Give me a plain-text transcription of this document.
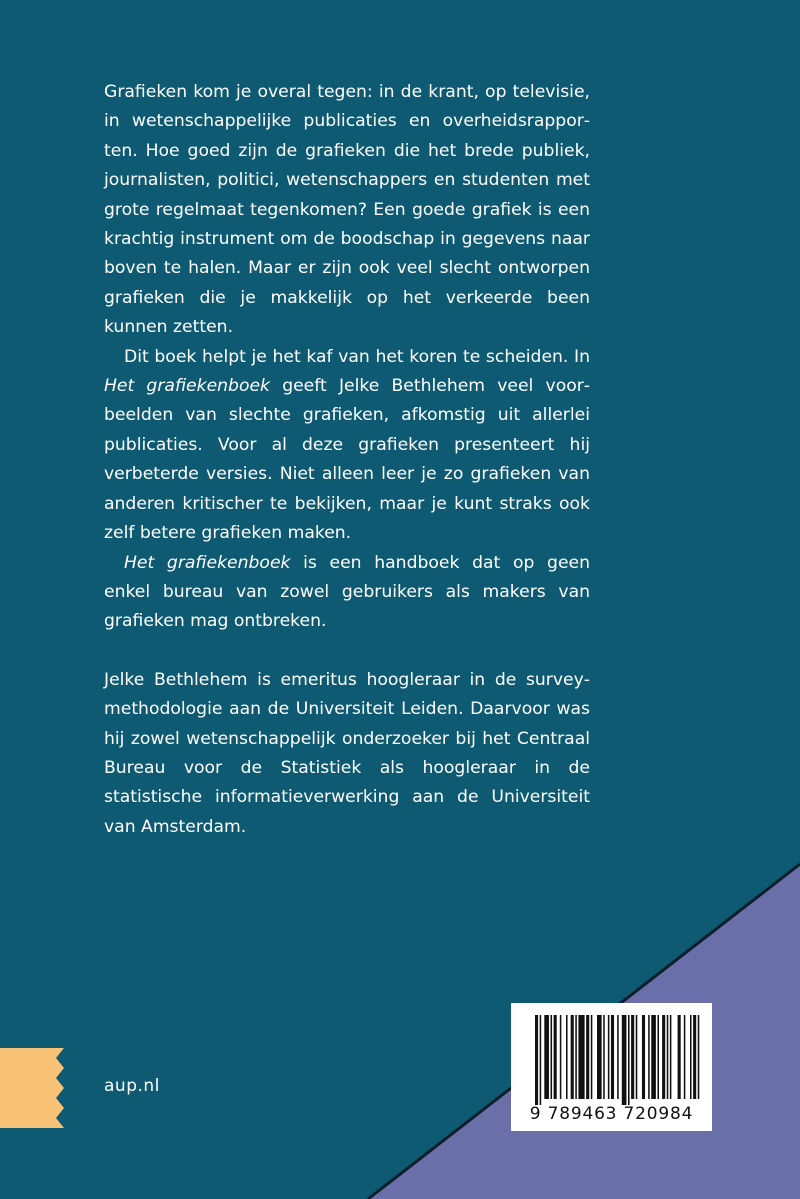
Grafieken kom je overal tegen: in de krant, op televisie, in wetenschappelijke publicaties en overheidsrapporten. Hoe goed zijn de grafieken die het brede publiek, journalisten, politici, wetenschappers en studenten met grote regelmaat tegenkomen? Een goede grafiek is een krachtig instrument om de boodschap in gegevens naar boven te halen. Maar er zijn ook veel slecht ontworpen grafieken die je makkelijk op het verkeerde been kunnen zetten.

Dit boek helpt je het kaf van het koren te scheiden. In Het grafiekenboek geeft Jelke Bethlehem veel voorbeelden van slechte grafieken, afkomstig uit allerlei publicaties. Voor al deze grafieken presenteert hij verbeterde versies. Niet alleen leer je zo grafieken van anderen kritischer te bekijken, maar je kunt straks ook zelf betere grafieken maken.

Het grafiekenboek is een handboek dat op geen enkel bureau van zowel gebruikers als makers van grafieken mag ontbreken.

Jelke Bethlehem is emeritus hoogleraar in de surveymethodologie aan de Universiteit Leiden. Daarvoor was hij zowel wetenschappelijk onderzoeker bij het Centraal Bureau voor de Statistiek als hoogleraar in de statistische informatieverwerking aan de Universiteit van Amsterdam.

aup.nl
9 789463 720984
